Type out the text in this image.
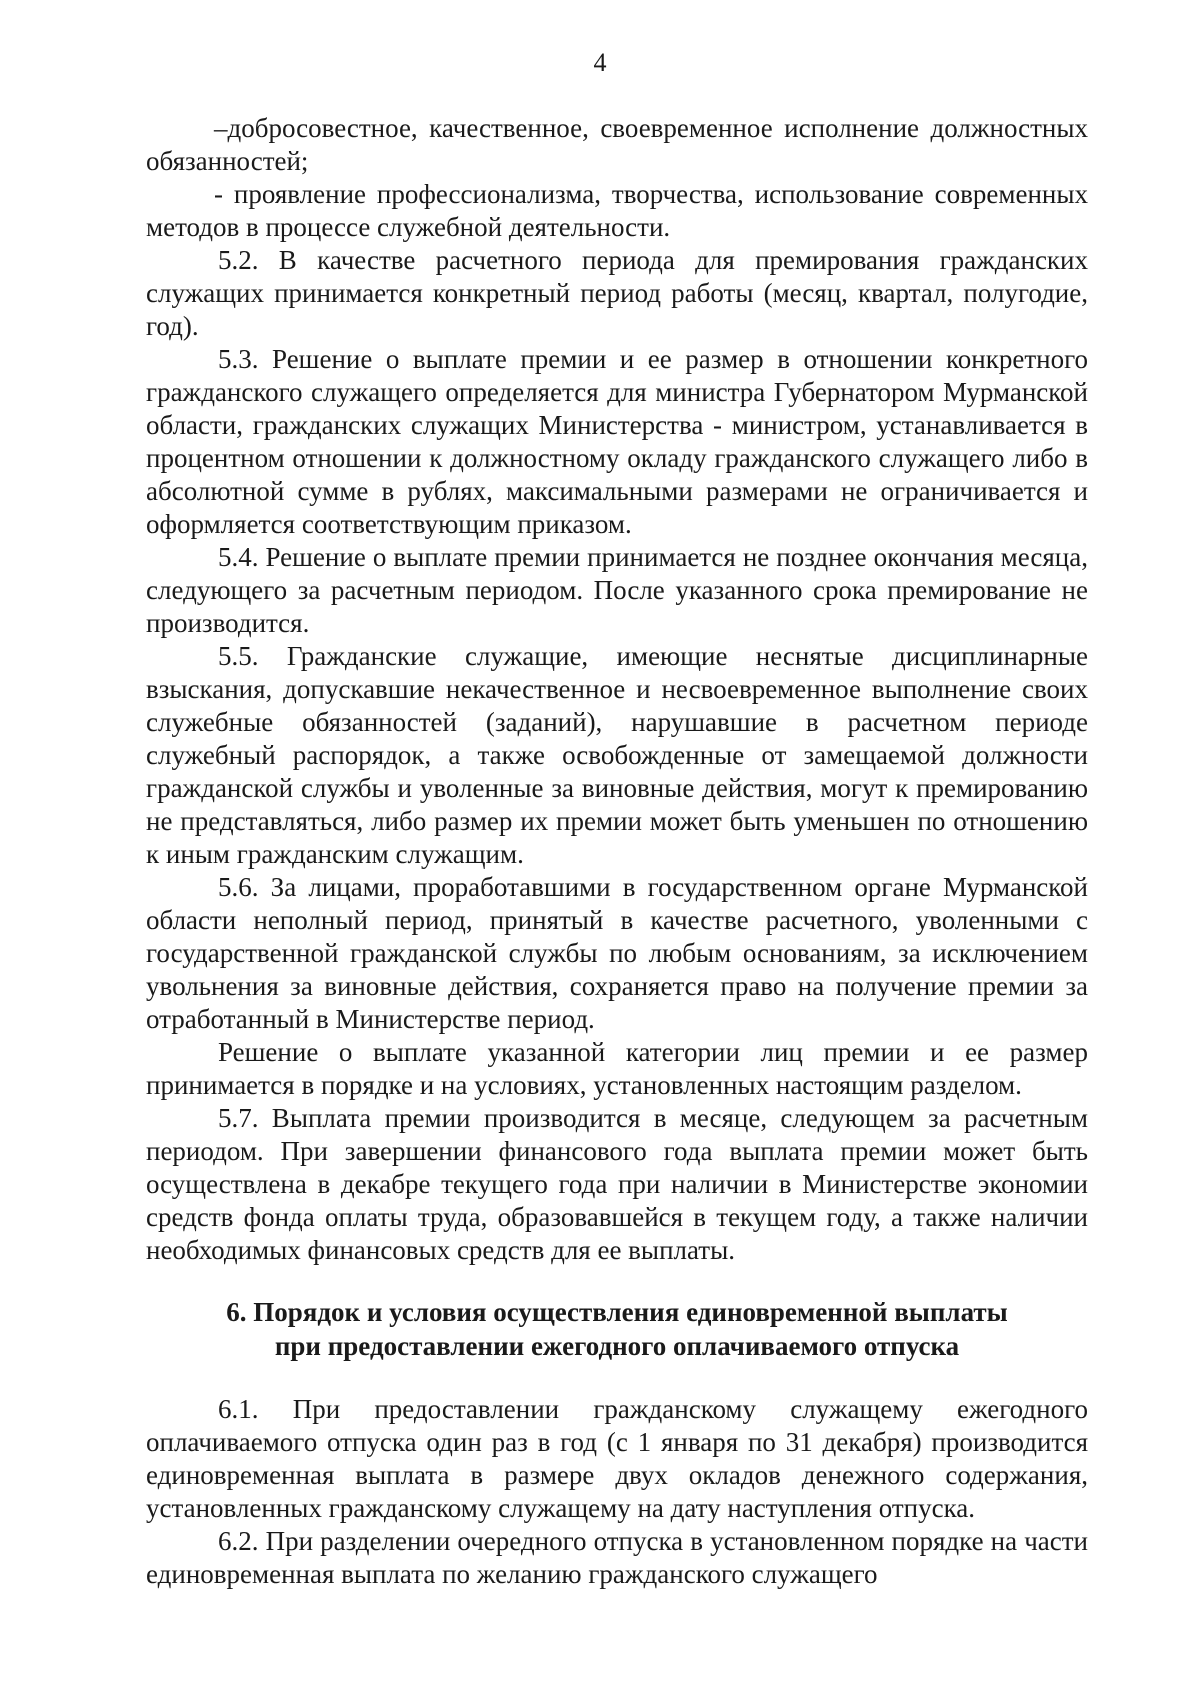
4

–добросовестное, качественное, своевременное исполнение должностных обязанностей;

- проявление профессионализма, творчества, использование современных методов в процессе служебной деятельности.

5.2. В качестве расчетного периода для премирования гражданских служащих принимается конкретный период работы (месяц, квартал, полугодие, год).

5.3. Решение о выплате премии и ее размер в отношении конкретного гражданского служащего определяется для министра Губернатором Мурманской области, гражданских служащих Министерства - министром, устанавливается в процентном отношении к должностному окладу гражданского служащего либо в абсолютной сумме в рублях, максимальными размерами не ограничивается и оформляется соответствующим приказом.

5.4. Решение о выплате премии принимается не позднее окончания месяца, следующего за расчетным периодом. После указанного срока премирование не производится.

5.5. Гражданские служащие, имеющие неснятые дисциплинарные взыскания, допускавшие некачественное и несвоевременное выполнение своих служебные обязанностей (заданий), нарушавшие в расчетном периоде служебный распорядок, а также освобожденные от замещаемой должности гражданской службы и уволенные за виновные действия, могут к премированию не представляться, либо размер их премии может быть уменьшен по отношению к иным гражданским служащим.

5.6. За лицами, проработавшими в государственном органе Мурманской области неполный период, принятый в качестве расчетного, уволенными с государственной гражданской службы по любым основаниям, за исключением увольнения за виновные действия, сохраняется право на получение премии за отработанный в Министерстве период.

Решение о выплате указанной категории лиц премии и ее размер принимается в порядке и на условиях, установленных настоящим разделом.

5.7. Выплата премии производится в месяце, следующем за расчетным периодом. При завершении финансового года выплата премии может быть осуществлена в декабре текущего года при наличии в Министерстве экономии средств фонда оплаты труда, образовавшейся в текущем году, а также наличии необходимых финансовых средств для ее выплаты.

6. Порядок и условия осуществления единовременной выплаты
при предоставлении ежегодного оплачиваемого отпуска

6.1. При предоставлении гражданскому служащему ежегодного оплачиваемого отпуска один раз в год (с 1 января по 31 декабря) производится единовременная выплата в размере двух окладов денежного содержания, установленных гражданскому служащему на дату наступления отпуска.

6.2. При разделении очередного отпуска в установленном порядке на части единовременная выплата по желанию гражданского служащего
